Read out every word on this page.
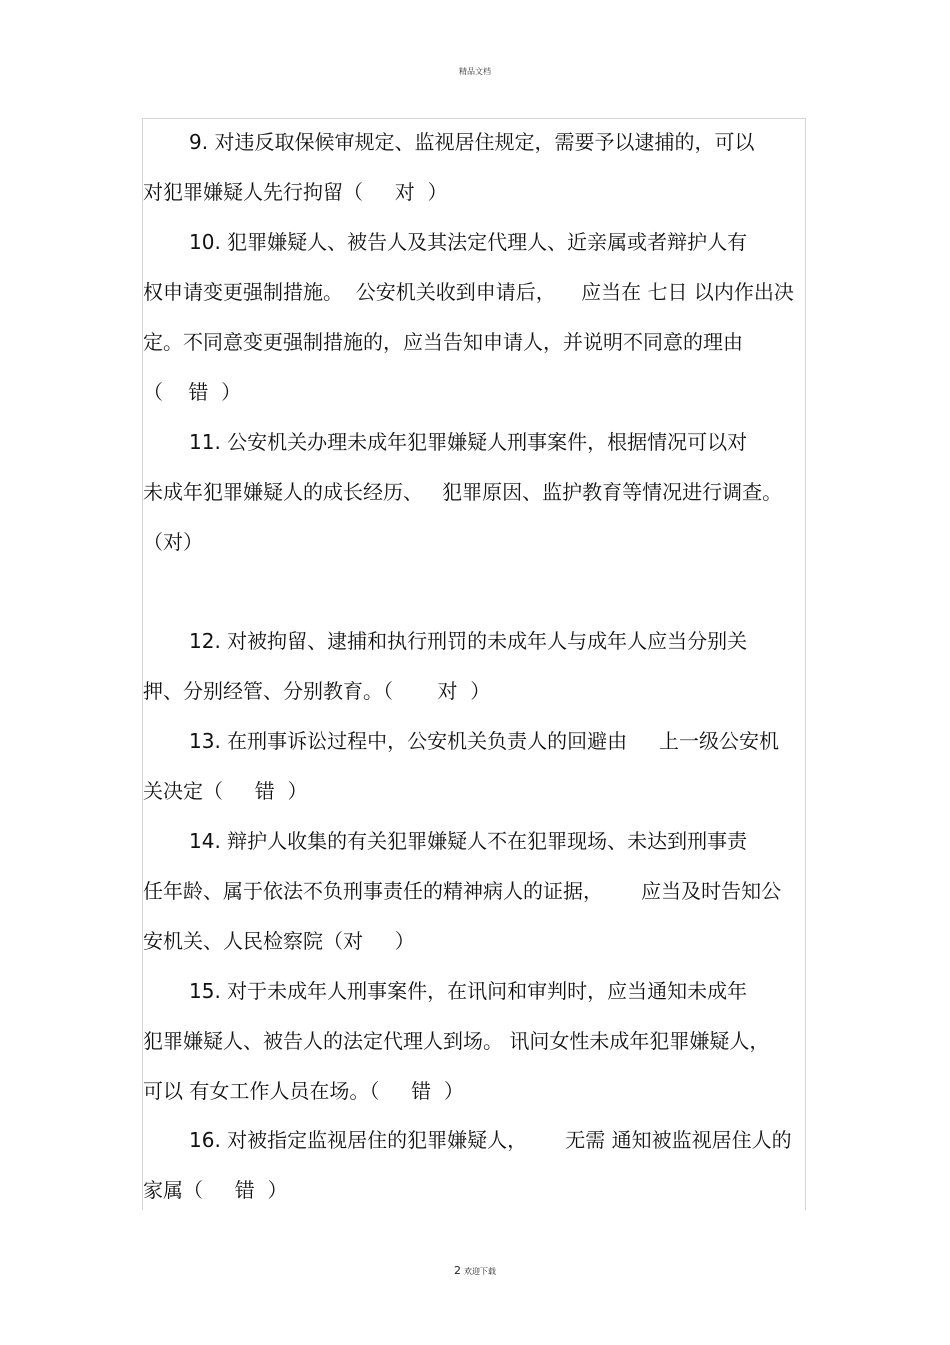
精品文档
9. 对违反取保候审规定、监视居住规定，需要予以逮捕的，可以
对犯罪嫌疑人先行拘留（     对  ）
10. 犯罪嫌疑人、被告人及其法定代理人、近亲属或者辩护人有
权申请变更强制措施。  公安机关收到申请后，    应当在 七日 以内作出决
定。不同意变更强制措施的，应当告知申请人，并说明不同意的理由
（    错  ）
11. 公安机关办理未成年犯罪嫌疑人刑事案件，根据情况可以对
未成年犯罪嫌疑人的成长经历、   犯罪原因、监护教育等情况进行调查。
（对）
12. 对被拘留、逮捕和执行刑罚的未成年人与成年人应当分别关
押、分别经管、分别教育。（       对  ）
13. 在刑事诉讼过程中，公安机关负责人的回避由     上一级公安机
关决定（     错  ）
14. 辩护人收集的有关犯罪嫌疑人不在犯罪现场、未达到刑事责
任年龄、属于依法不负刑事责任的精神病人的证据，      应当及时告知公
安机关、人民检察院（对     ）
15. 对于未成年人刑事案件，在讯问和审判时，应当通知未成年
犯罪嫌疑人、被告人的法定代理人到场。 讯问女性未成年犯罪嫌疑人，
可以 有女工作人员在场。（     错  ）
16. 对被指定监视居住的犯罪嫌疑人，      无需 通知被监视居住人的
家属（     错  ）
2 欢迎下载
